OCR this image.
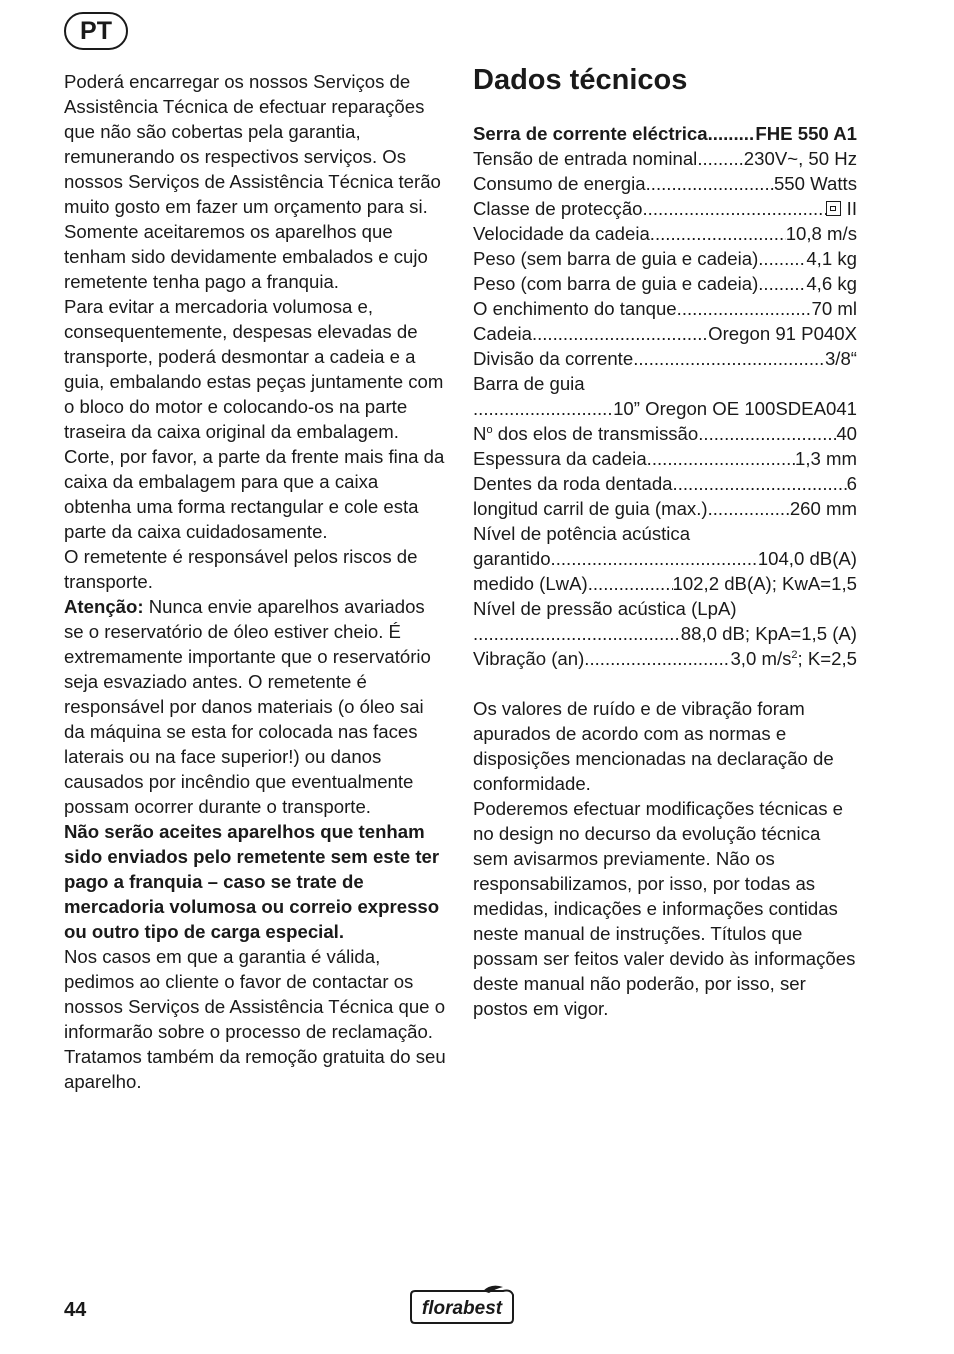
PT

Poderá encarregar os nossos Serviços de Assistência Técnica de efectuar reparações que não são cobertas pela garantia, remunerando os respectivos serviços. Os nossos Serviços de Assistência Técnica terão muito gosto em fazer um orçamento para si.

Somente aceitaremos os aparelhos que tenham sido devidamente embalados e cujo remetente tenha pago a franquia.

Para evitar a mercadoria volumosa e, consequentemente, despesas elevadas de transporte, poderá desmontar a cadeia e a guia, embalando estas peças juntamente com o bloco do motor e colocando-os na parte traseira da caixa original da embalagem. Corte, por favor, a parte da frente mais fina da caixa da embalagem para que a caixa obtenha uma forma rectangular e cole esta parte da caixa cuidadosamente.

O remetente é responsável pelos riscos de transporte.

Atenção: Nunca envie aparelhos avariados se o reservatório de óleo estiver cheio. É extremamente importante que o reservatório seja esvaziado antes. O remetente é responsável por danos materiais (o óleo sai da máquina se esta for colocada nas faces laterais ou na face superior!) ou danos causados por incêndio que eventualmente possam ocorrer durante o transporte.

Não serão aceites aparelhos que tenham sido enviados pelo remetente sem este ter pago a franquia – caso se trate de mercadoria volumosa ou correio expresso ou outro tipo de carga especial.

Nos casos em que a garantia é válida, pedimos ao cliente o favor de contactar os nossos Serviços de Assistência Técnica que o informarão sobre o processo de reclamação.

Tratamos também da remoção gratuita do seu aparelho.

Dados técnicos
Serra de corrente eléctrica .....	FHE 550 A1
Tensão de entrada nominal ..... 230V~, 50 Hz
Consumo de energia .....	550 Watts
Classe de protecção .....	II
Velocidade da cadeia .....	10,8 m/s
Peso (sem barra de guia e cadeia) .....	4,1 kg
Peso (com barra de guia e cadeia) .....	4,6 kg
O enchimento do tanque .....	70 ml
Cadeia .....	Oregon 91 P040X
Divisão da corrente .....	3/8“
Barra de guia
.....
10” Oregon OE 100SDEA041
$N^o$ dos elos de transmissão .....	40
Espessura da cadeia .....	1,3 mm
Dentes da roda dentada .....	6
longitud carril de guia (max.) .....	260 mm
Nível de potência acústica
garantido .....	104,0 dB(A)
medido (LwA) .....	102,2 dB(A); KwA=1,5
Nível de pressão acústica (LpA)
.....
88,0 dB; KpA=1,5 (A)
Vibração (an) .....	3,0 $m/s^2$; K=2,5

Os valores de ruído e de vibração foram apurados de acordo com as normas e disposições mencionadas na declaração de conformidade.

Poderemos efectuar modificações técnicas e no design no decurso da evolução técnica sem avisarmos previamente. Não os responsabilizamos, por isso, por todas as medidas, indicações e informações contidas neste manual de instruções. Títulos que possam ser feitos valer devido às informações deste manual não poderão, por isso, ser postos em vigor.

44	florabest
